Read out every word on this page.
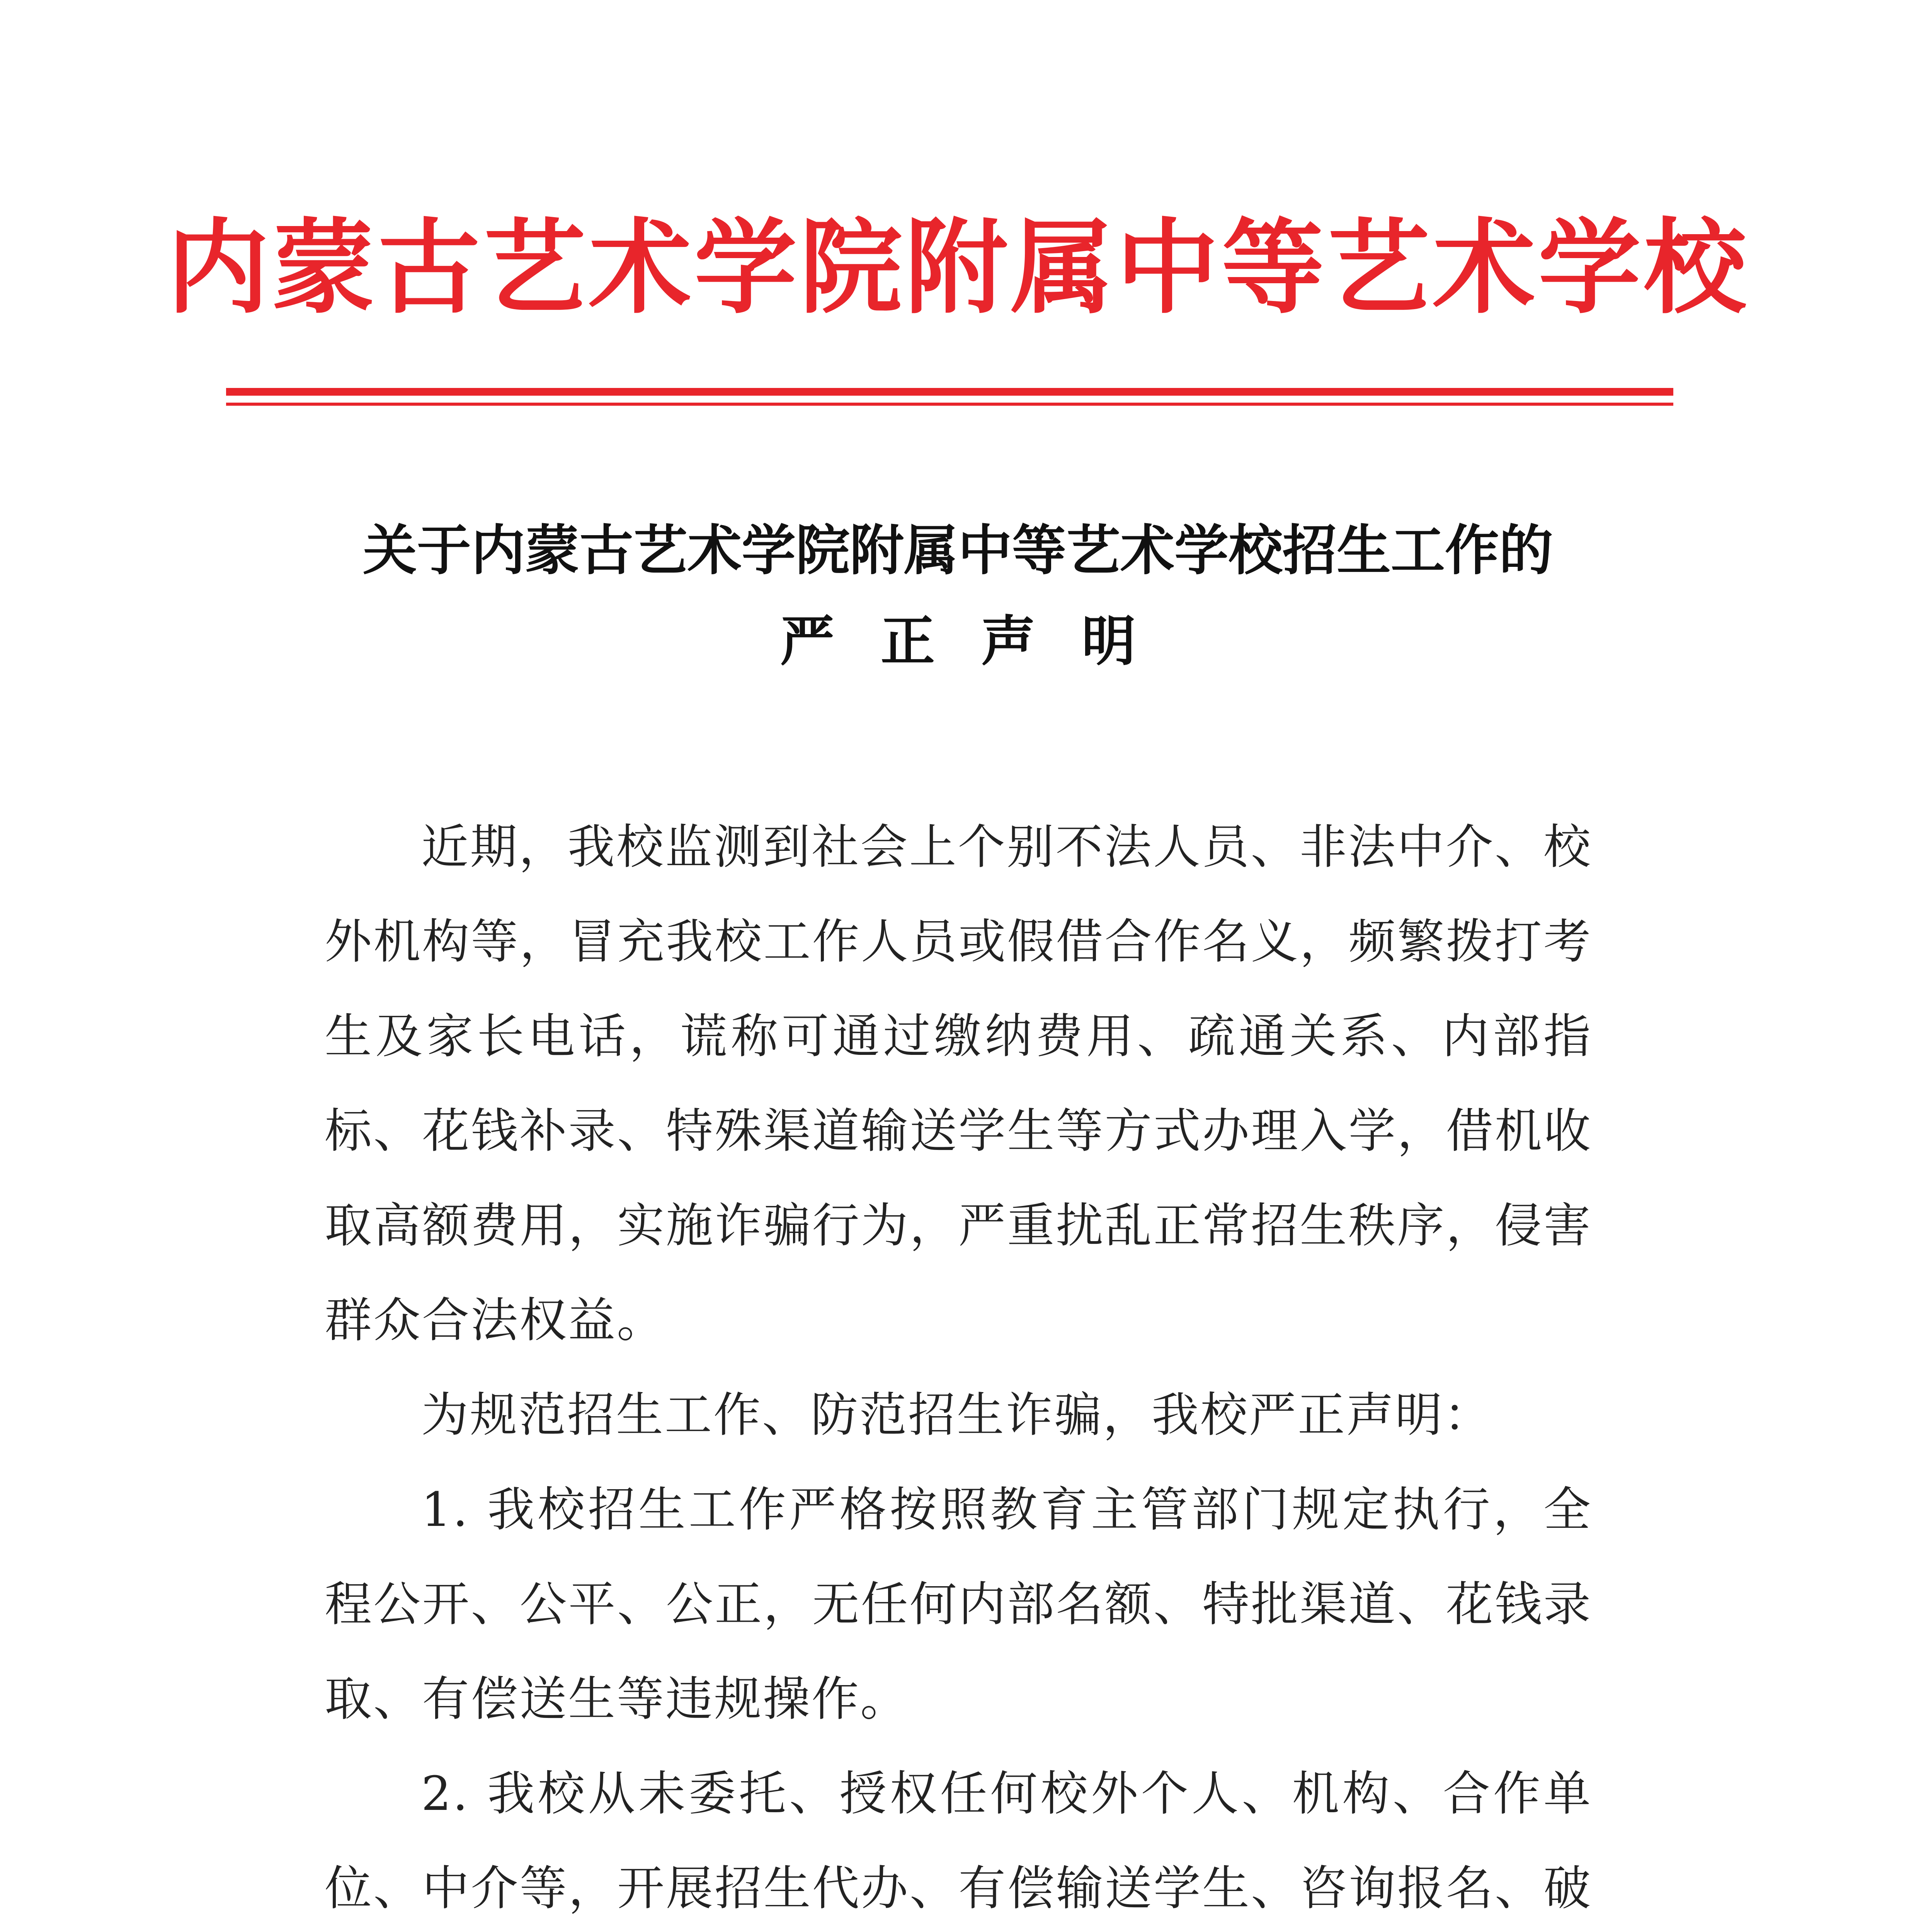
内蒙古艺术学院附属中等艺术学校
关于内蒙古艺术学院附属中等艺术学校招生工作的
严正声明

近期，我校监测到社会上个别不法人员、非法中介、校外机构等，冒充我校工作人员或假借合作名义，频繁拨打考生及家长电话，谎称可通过缴纳费用、疏通关系、内部指标、花钱补录、特殊渠道输送学生等方式办理入学，借机收取高额费用，实施诈骗行为，严重扰乱正常招生秩序，侵害群众合法权益。

为规范招生工作、防范招生诈骗，我校严正声明：

1. 我校招生工作严格按照教育主管部门规定执行，全程公开、公平、公正，无任何内部名额、特批渠道、花钱录取、有偿送生等违规操作。

2. 我校从未委托、授权任何校外个人、机构、合作单位、中介等，开展招生代办、有偿输送学生、咨询报名、破
